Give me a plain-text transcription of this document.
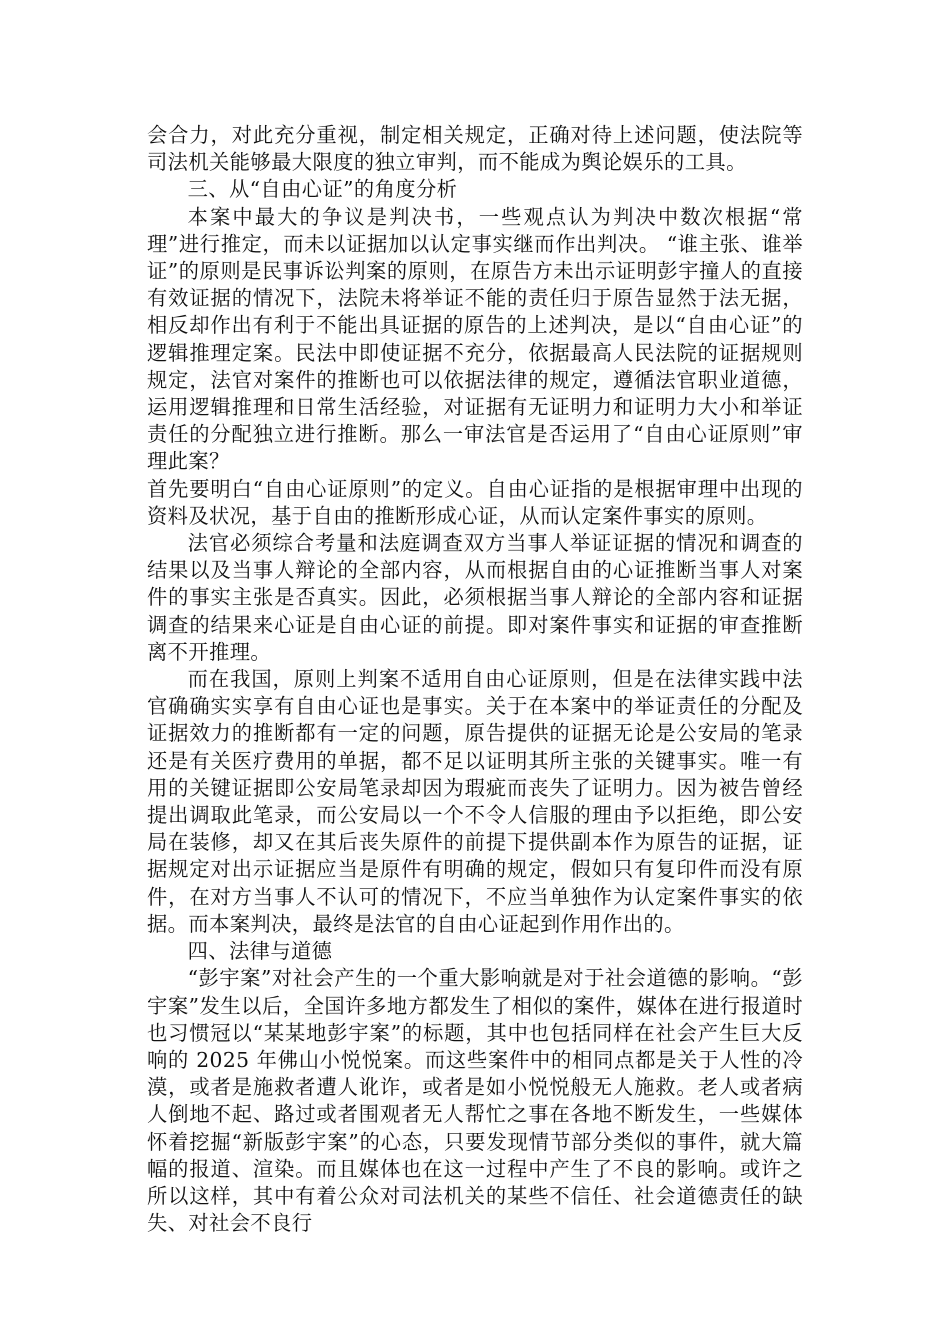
会合力，对此充分重视，制定相关规定，正确对待上述问题，使法院等司法机关能够最大限度的独立审判，而不能成为舆论娱乐的工具。

三、从“自由心证”的角度分析

本案中最大的争议是判决书，一些观点认为判决中数次根据“常理”进行推定，而未以证据加以认定事实继而作出判决。 “谁主张、谁举证”的原则是民事诉讼判案的原则，在原告方未出示证明彭宇撞人的直接有效证据的情况下，法院未将举证不能的责任归于原告显然于法无据，相反却作出有利于不能出具证据的原告的上述判决，是以“自由心证”的逻辑推理定案。民法中即使证据不充分，依据最高人民法院的证据规则规定，法官对案件的推断也可以依据法律的规定，遵循法官职业道德，运用逻辑推理和日常生活经验，对证据有无证明力和证明力大小和举证责任的分配独立进行推断。那么一审法官是否运用了“自由心证原则”审理此案？

首先要明白“自由心证原则”的定义。自由心证指的是根据审理中出现的资料及状况，基于自由的推断形成心证，从而认定案件事实的原则。

法官必须综合考量和法庭调查双方当事人举证证据的情况和调查的结果以及当事人辩论的全部内容，从而根据自由的心证推断当事人对案件的事实主张是否真实。因此，必须根据当事人辩论的全部内容和证据调查的结果来心证是自由心证的前提。即对案件事实和证据的审查推断离不开推理。

而在我国，原则上判案不适用自由心证原则，但是在法律实践中法官确确实实享有自由心证也是事实。关于在本案中的举证责任的分配及证据效力的推断都有一定的问题，原告提供的证据无论是公安局的笔录还是有关医疗费用的单据，都不足以证明其所主张的关键事实。唯一有用的关键证据即公安局笔录却因为瑕疵而丧失了证明力。因为被告曾经提出调取此笔录，而公安局以一个不令人信服的理由予以拒绝，即公安局在装修，却又在其后丧失原件的前提下提供副本作为原告的证据，证据规定对出示证据应当是原件有明确的规定，假如只有复印件而没有原件，在对方当事人不认可的情况下，不应当单独作为认定案件事实的依据。而本案判决，最终是法官的自由心证起到作用作出的。

四、法律与道德

“彭宇案”对社会产生的一个重大影响就是对于社会道德的影响。“彭宇案”发生以后，全国许多地方都发生了相似的案件，媒体在进行报道时也习惯冠以“某某地彭宇案”的标题，其中也包括同样在社会产生巨大反响的 2025 年佛山小悦悦案。而这些案件中的相同点都是关于人性的冷漠，或者是施救者遭人讹诈，或者是如小悦悦般无人施救。老人或者病人倒地不起、路过或者围观者无人帮忙之事在各地不断发生，一些媒体怀着挖掘“新版彭宇案”的心态，只要发现情节部分类似的事件，就大篇幅的报道、渲染。而且媒体也在这一过程中产生了不良的影响。或许之所以这样，其中有着公众对司法机关的某些不信任、社会道德责任的缺失、对社会不良行
